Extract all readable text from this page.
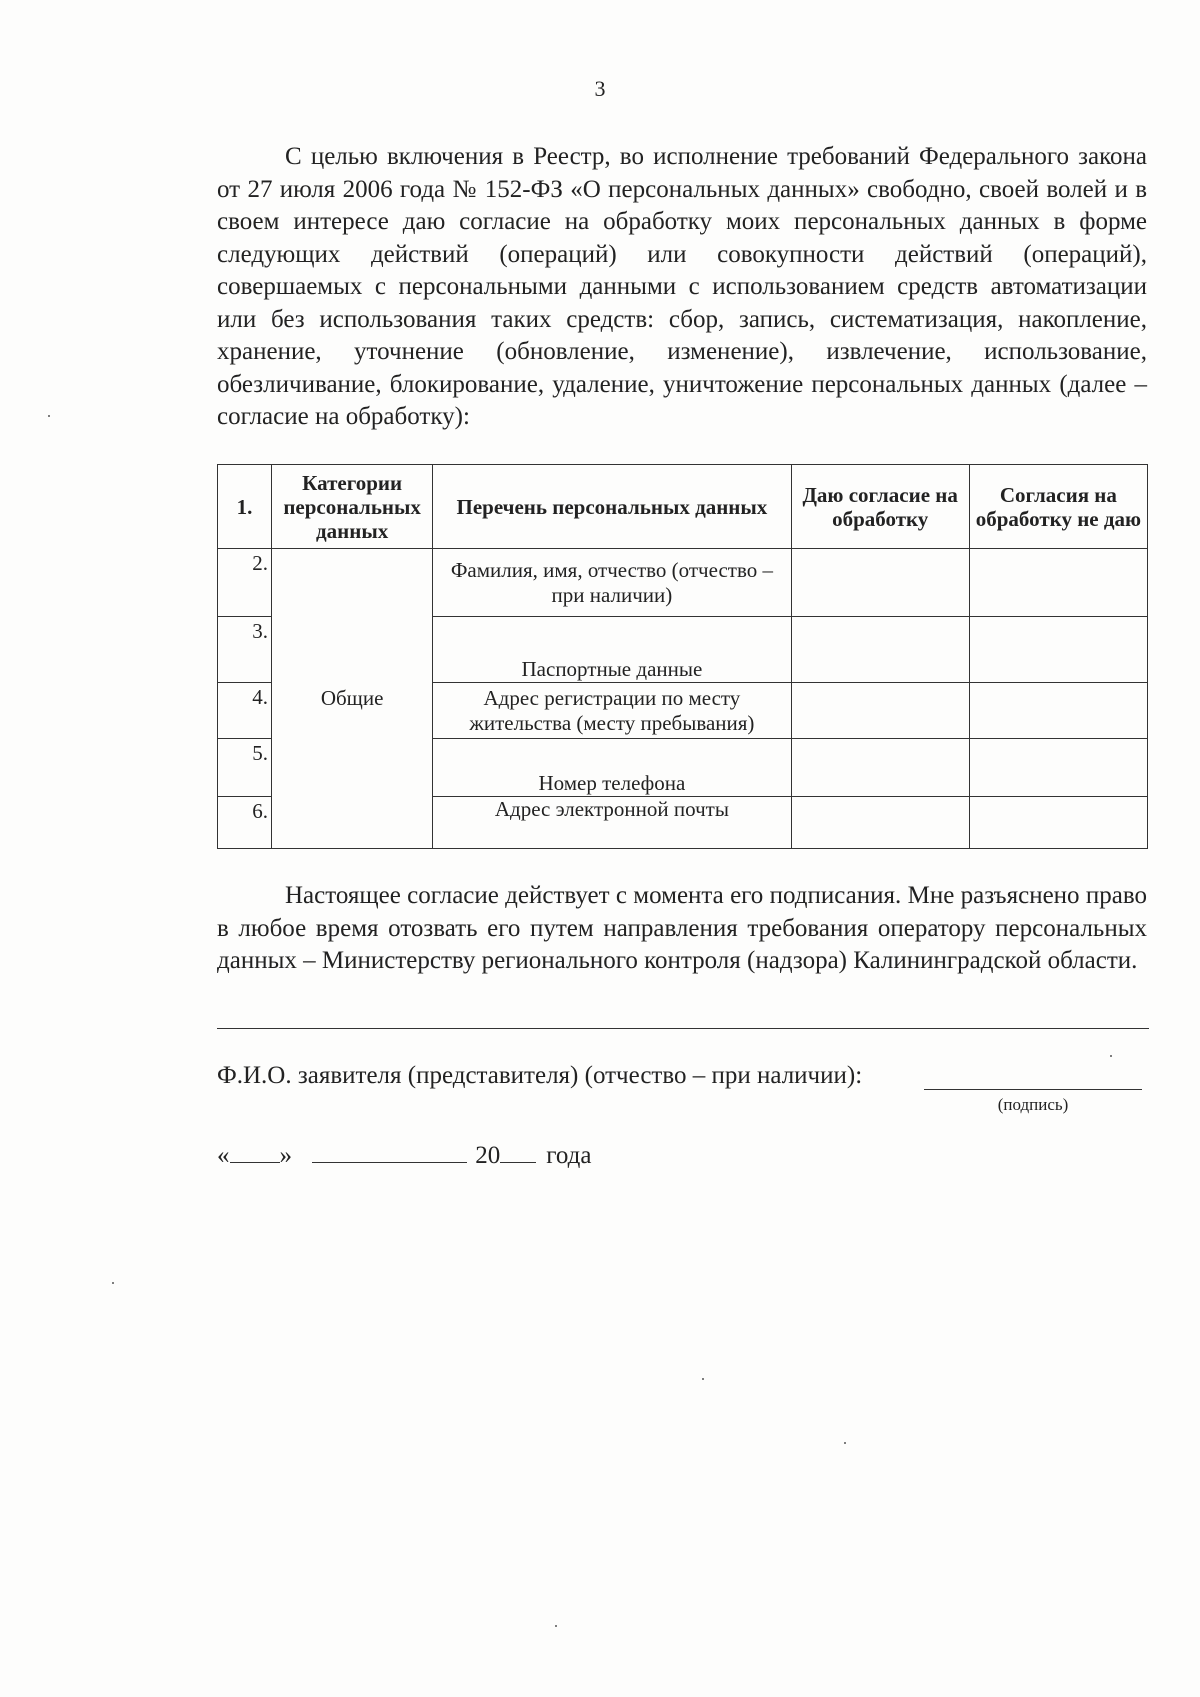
3

С целью включения в Реестр, во исполнение требований Федерального закона от 27 июля 2006 года № 152-ФЗ «О персональных данных» свободно, своей волей и в своем интересе даю согласие на обработку моих персональных данных в форме следующих действий (операций) или совокупности действий (операций), совершаемых с персональными данными с использованием средств автоматизации или без использования таких средств: сбор, запись, систематизация, накопление, хранение, уточнение (обновление, изменение), извлечение, использование, обезличивание, блокирование, удаление, уничтожение персональных данных (далее – согласие на обработку):

1.	Категории персональных данных	Перечень персональных данных	Даю согласие на обработку	Согласия на обработку не даю
2.	Общие	Фамилия, имя, отчество (отчество – при наличии)		
3.		Паспортные данные		
4.		Адрес регистрации по месту жительства (месту пребывания)		
5.		Номер телефона		
6.		Адрес электронной почты		

Настоящее согласие действует с момента его подписания. Мне разъяснено право в любое время отозвать его путем направления требования оператору персональных данных – Министерству регионального контроля (надзора) Калининградской области.

Ф.И.О. заявителя (представителя) (отчество – при наличии):
(подпись)
« »	20 года
